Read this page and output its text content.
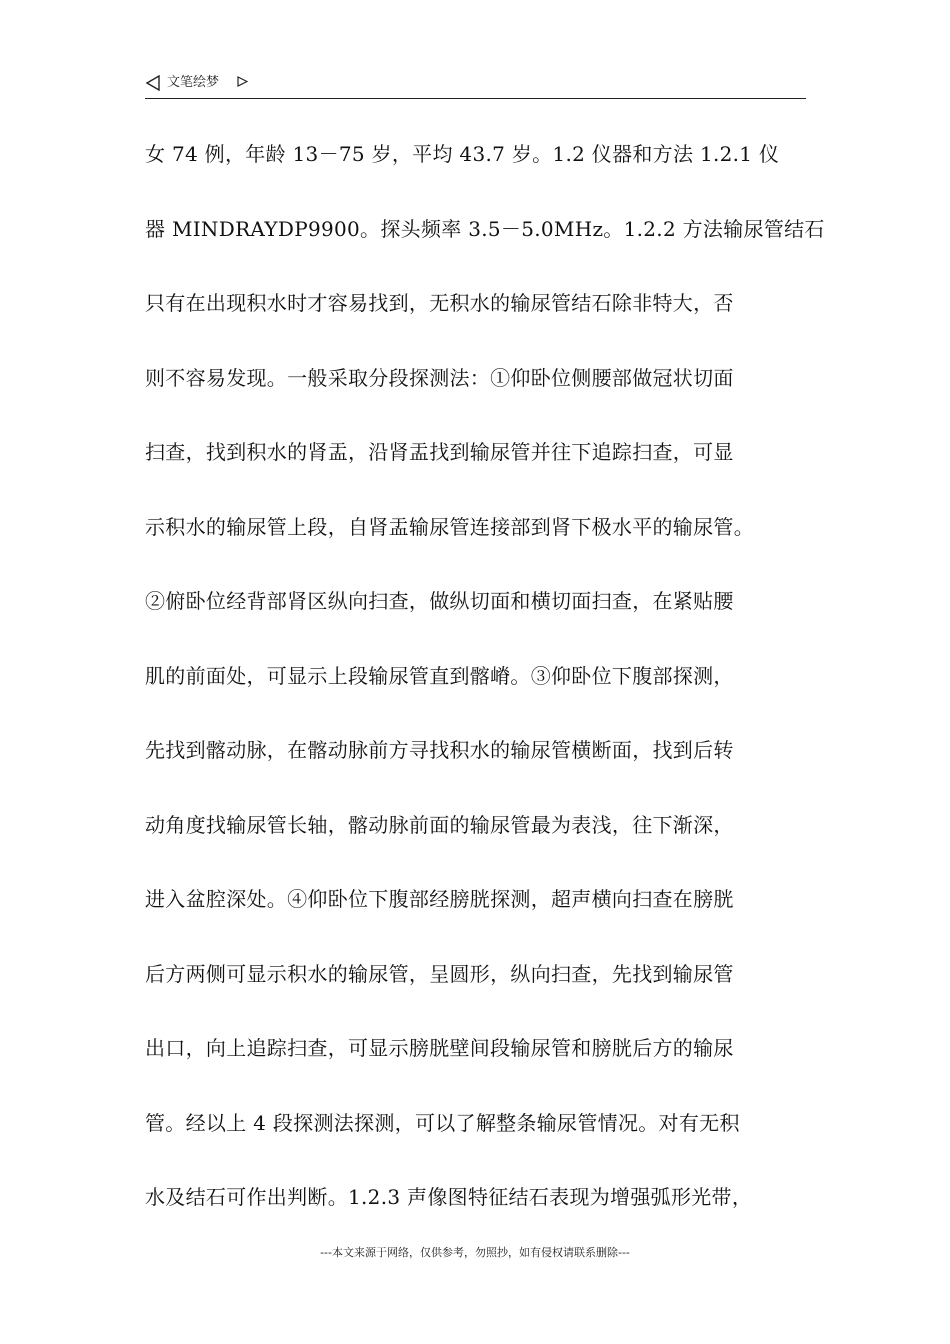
文笔绘梦
女 74 例，年龄 13－75 岁，平均 43.7 岁。1.2 仪器和方法 1.2.1 仪
器 MINDRAYDP9900。探头频率 3.5－5.0MHz。1.2.2 方法输尿管结石
只有在出现积水时才容易找到，无积水的输尿管结石除非特大，否
则不容易发现。一般采取分段探测法：①仰卧位侧腰部做冠状切面
扫查，找到积水的肾盂，沿肾盂找到输尿管并往下追踪扫查，可显
示积水的输尿管上段，自肾盂输尿管连接部到肾下极水平的输尿管。
②俯卧位经背部肾区纵向扫查，做纵切面和横切面扫查，在紧贴腰
肌的前面处，可显示上段输尿管直到髂嵴。③仰卧位下腹部探测，
先找到髂动脉，在髂动脉前方寻找积水的输尿管横断面，找到后转
动角度找输尿管长轴，髂动脉前面的输尿管最为表浅，往下渐深，
进入盆腔深处。④仰卧位下腹部经膀胱探测，超声横向扫查在膀胱
后方两侧可显示积水的输尿管，呈圆形，纵向扫查，先找到输尿管
出口，向上追踪扫查，可显示膀胱壁间段输尿管和膀胱后方的输尿
管。经以上 4 段探测法探测，可以了解整条输尿管情况。对有无积
水及结石可作出判断。1.2.3 声像图特征结石表现为增强弧形光带，
---本文来源于网络，仅供参考，勿照抄，如有侵权请联系删除---
